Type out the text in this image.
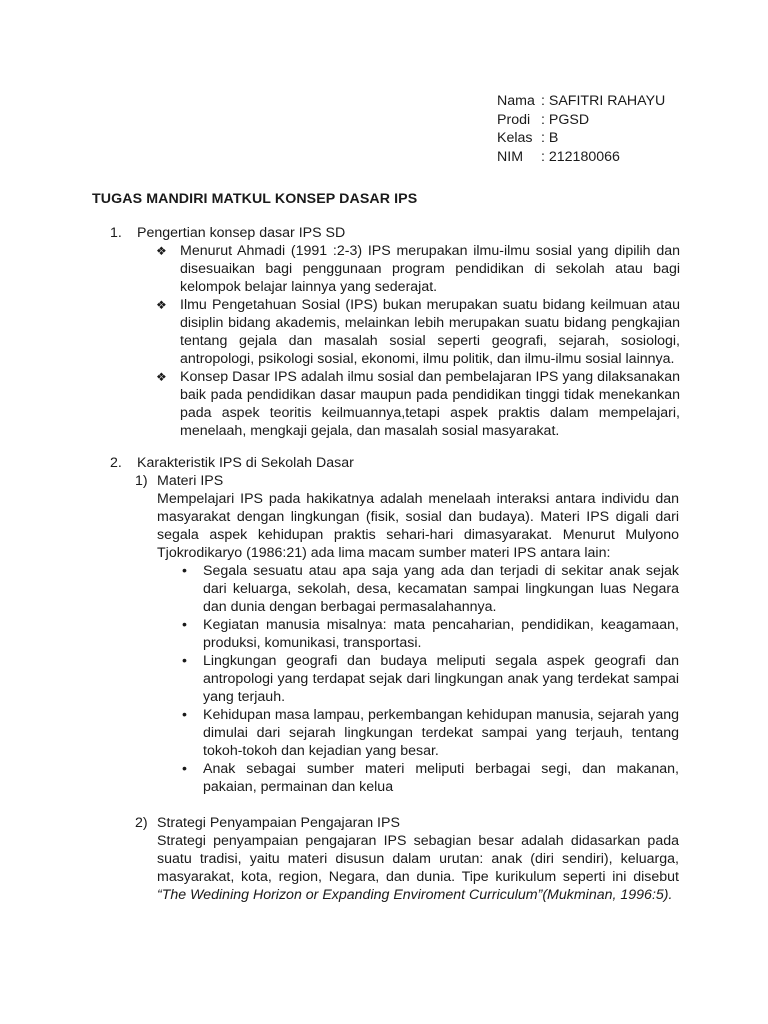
Nama : SAFITRI RAHAYU
Prodi : PGSD
Kelas : B
NIM	: 212180066
TUGAS MANDIRI MATKUL KONSEP DASAR IPS
1.	Pengertian konsep dasar IPS SD
❖ Menurut Ahmadi (1991 :2-3) IPS merupakan ilmu-ilmu sosial yang dipilih dan disesuaikan bagi penggunaan program pendidikan di sekolah atau bagi kelompok belajar lainnya yang sederajat.
❖ Ilmu Pengetahuan Sosial (IPS) bukan merupakan suatu bidang keilmuan atau disiplin bidang akademis, melainkan lebih merupakan suatu bidang pengkajian tentang gejala dan masalah sosial seperti geografi, sejarah, sosiologi, antropologi, psikologi sosial, ekonomi, ilmu politik, dan ilmu-ilmu sosial lainnya.
❖ Konsep Dasar IPS adalah ilmu sosial dan pembelajaran IPS yang dilaksanakan baik pada pendidikan dasar maupun pada pendidikan tinggi tidak menekankan pada aspek teoritis keilmuannya,tetapi aspek praktis dalam mempelajari, menelaah, mengkaji gejala, dan masalah sosial masyarakat.
2.	Karakteristik IPS di Sekolah Dasar
1) Materi IPS
Mempelajari IPS pada hakikatnya adalah menelaah interaksi antara individu dan masyarakat dengan lingkungan (fisik, sosial dan budaya). Materi IPS digali dari segala aspek kehidupan praktis sehari-hari dimasyarakat. Menurut Mulyono Tjokrodikaryo (1986:21) ada lima macam sumber materi IPS antara lain:
• Segala sesuatu atau apa saja yang ada dan terjadi di sekitar anak sejak dari keluarga, sekolah, desa, kecamatan sampai lingkungan luas Negara dan dunia dengan berbagai permasalahannya.
• Kegiatan manusia misalnya: mata pencaharian, pendidikan, keagamaan, produksi, komunikasi, transportasi.
• Lingkungan geografi dan budaya meliputi segala aspek geografi dan antropologi yang terdapat sejak dari lingkungan anak yang terdekat sampai yang terjauh.
• Kehidupan masa lampau, perkembangan kehidupan manusia, sejarah yang dimulai dari sejarah lingkungan terdekat sampai yang terjauh, tentang tokoh-tokoh dan kejadian yang besar.
• Anak sebagai sumber materi meliputi berbagai segi, dan makanan, pakaian, permainan dan kelua
2) Strategi Penyampaian Pengajaran IPS
Strategi penyampaian pengajaran IPS sebagian besar adalah didasarkan pada suatu tradisi, yaitu materi disusun dalam urutan: anak (diri sendiri), keluarga, masyarakat, kota, region, Negara, dan dunia. Tipe kurikulum seperti ini disebut “The Wedining Horizon or Expanding Enviroment Curriculum”(Mukminan, 1996:5).
